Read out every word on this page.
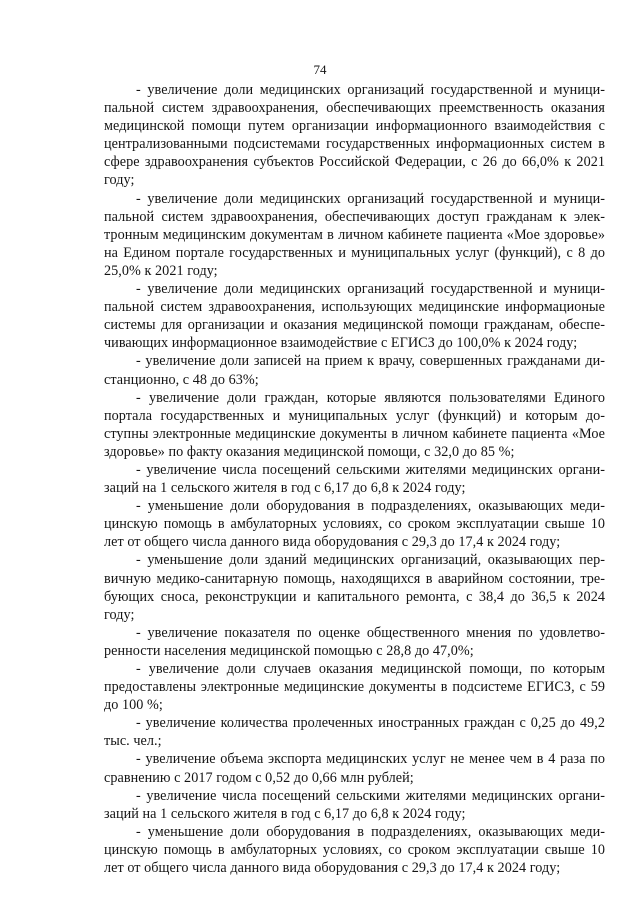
74

- увеличение доли медицинских организаций государственной и муниципальной систем здравоохранения, обеспечивающих преемственность оказания медицинской помощи путем организации информационного взаимодействия с централизованными подсистемами государственных информационных систем в сфере здравоохранения субъектов Российской Федерации, с 26 до 66,0% к 2021 году;

- увеличение доли медицинских организаций государственной и муниципальной систем здравоохранения, обеспечивающих доступ гражданам к электронным медицинским документам в личном кабинете пациента «Мое здоровье» на Едином портале государственных и муниципальных услуг (функций), с 8 до 25,0% к 2021 году;

- увеличение доли медицинских организаций государственной и муниципальной систем здравоохранения, использующих медицинские информационые системы для организации и оказания медицинской помощи гражданам, обеспечивающих информационное взаимодействие с ЕГИСЗ до 100,0% к 2024 году;

- увеличение доли записей на прием к врачу, совершенных гражданами дистанционно, с 48 до 63%;

- увеличение доли граждан, которые являются пользователями Единого портала государственных и муниципальных услуг (функций) и которым доступны электронные медицинские документы в личном кабинете пациента «Мое здоровье» по факту оказания медицинской помощи, с 32,0 до 85 %;

- увеличение числа посещений сельскими жителями медицинских организаций на 1 сельского жителя в год с 6,17 до 6,8 к 2024 году;

- уменьшение доли оборудования в подразделениях, оказывающих медицинскую помощь в амбулаторных условиях, со сроком эксплуатации свыше 10 лет от общего числа данного вида оборудования с 29,3 до 17,4 к 2024 году;

- уменьшение доли зданий медицинских организаций, оказывающих первичную медико-санитарную помощь, находящихся в аварийном состоянии, требующих сноса, реконструкции и капитального ремонта, с 38,4 до 36,5 к 2024 году;

- увеличение показателя по оценке общественного мнения по удовлетворенности населения медицинской помощью с 28,8 до 47,0%;

- увеличение доли случаев оказания медицинской помощи, по которым предоставлены электронные медицинские документы в подсистеме ЕГИСЗ, с 59 до 100 %;

- увеличение количества пролеченных иностранных граждан с 0,25 до 49,2 тыс. чел.;

- увеличение объема экспорта медицинских услуг не менее чем в 4 раза по сравнению с 2017 годом с 0,52 до 0,66 млн рублей;

- увеличение числа посещений сельскими жителями медицинских организаций на 1 сельского жителя в год с 6,17 до 6,8 к 2024 году;

- уменьшение доли оборудования в подразделениях, оказывающих медицинскую помощь в амбулаторных условиях, со сроком эксплуатации свыше 10 лет от общего числа данного вида оборудования с 29,3 до 17,4 к 2024 году;
